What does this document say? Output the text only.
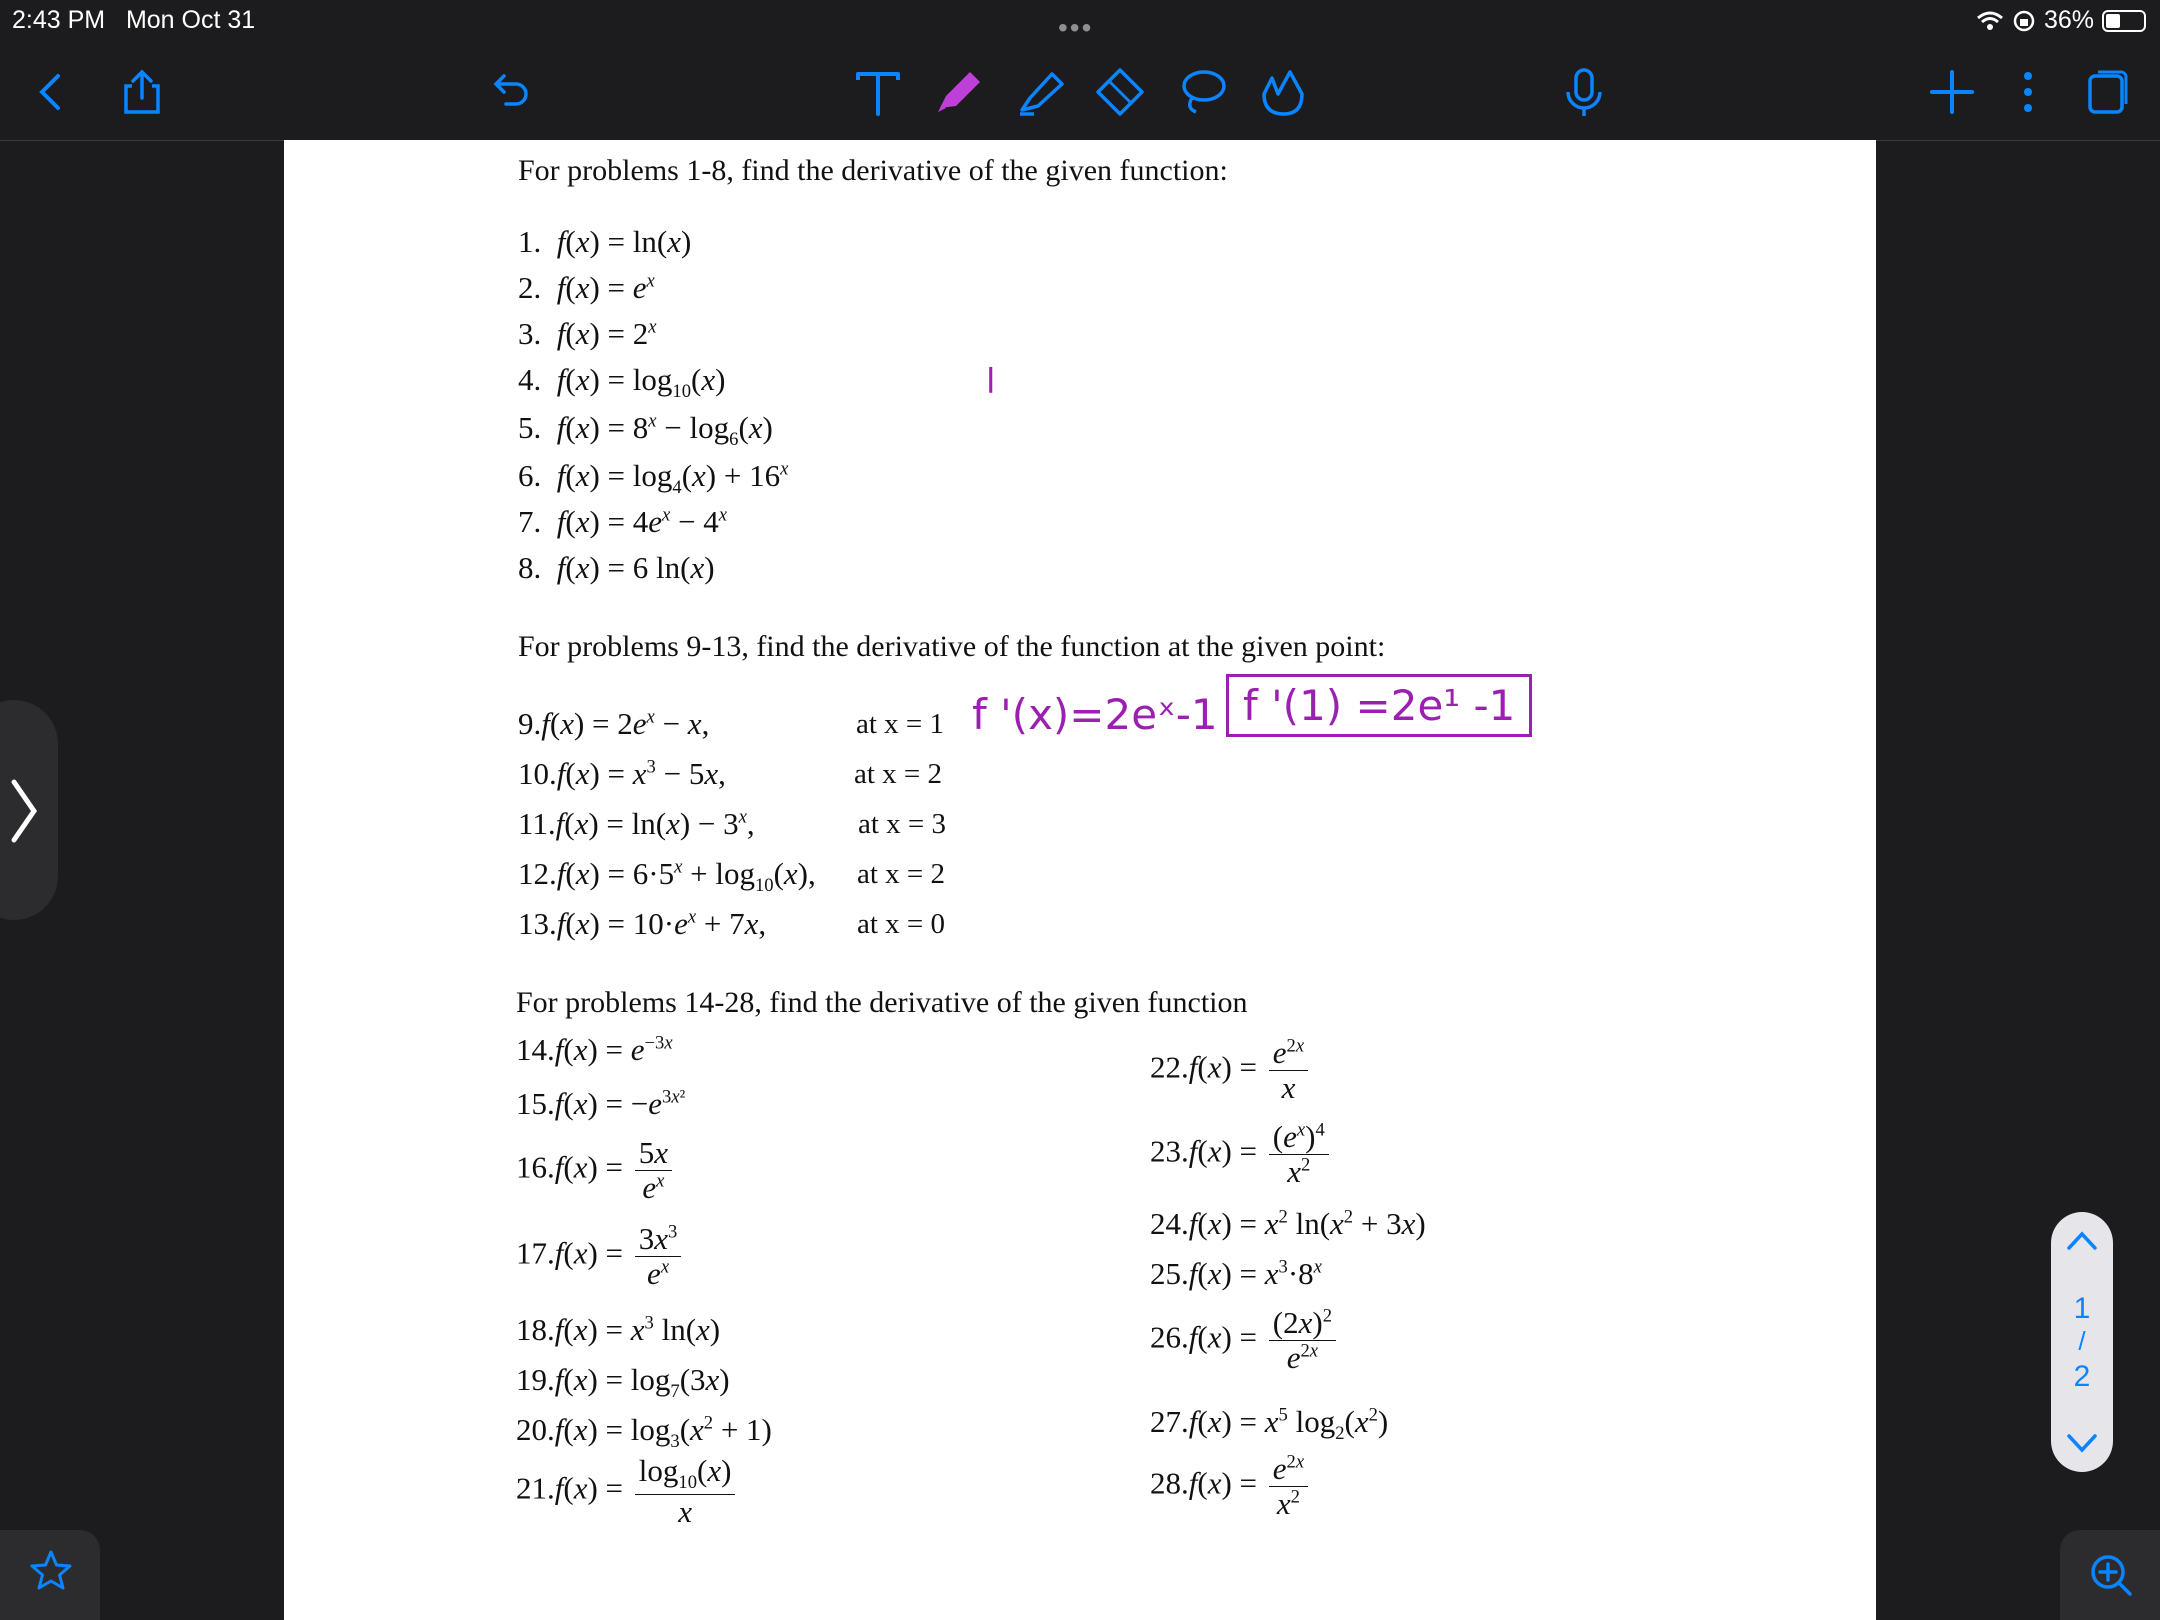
2:43 PM Mon Oct 31	•••	36%
For problems 1-8, find the derivative of the given function:
1.  f(x) = ln(x)
2.  $f(x) = e^x$
3.  $f(x) = 2^x$
4.  $f(x) = \log_{10}(x)$
5.  $f(x) = 8^x - \log_6(x)$
6.  $f(x) = \log_4(x) + 16^x$
7.  $f(x) = 4e^x - 4^x$
8.  f(x) = 6 ln(x)
l
For problems 9-13, find the derivative of the function at the given point:
$9.f(x) = 2e^x - x$,	at x = 1
$10.f(x) = x^3 - 5x$,	at x = 2
$11.f(x) = \ln(x) - 3^x$,	at x = 3
$12.f(x) = 6\cdot 5^x + \log_{10}(x)$, at x = 2
$13.f(x) = 10\cdot e^x + 7x$,	at x = 0
f '(x)=2eˣ-1 f '(1) =2e¹ -1
For problems 14-28, find the derivative of the given function
$14.f(x) = e^{-3x}$
$15.f(x) = -e^{3x^2}$
$16.f(x) = \frac{5x}{e^x}$
$17.f(x) = \frac{3x^3}{e^x}$
$18.f(x) = x^3$ ln(x)
$19.f(x) = \log_7(3x)$
$20.f(x) = \log_3(x^2 + 1)$
$21.f(x) = \frac{\log_{10}(x)}{x}$
$22.f(x) = \frac{e^{2x}}{x}$
$23.f(x) = \frac{(e^x)^4}{x^2}$
$24.f(x) = x^2$ $\ln(x^2 + 3x)$
$25.f(x) = x^3\cdot 8^x$
$26.f(x) = \frac{(2x)^2}{e^{2x}}$
$27.f(x) = x^5$ $\log_2(x^2)$
$28.f(x) = \frac{e^{2x}}{x^2}$
1
/
2
